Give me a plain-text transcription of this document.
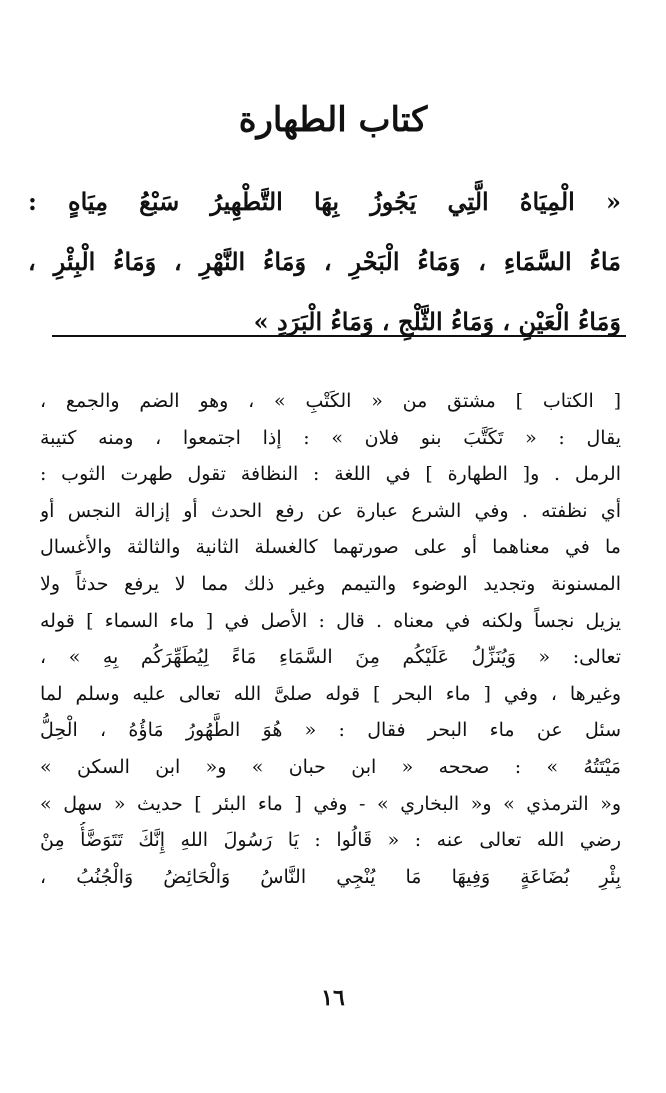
كتاب الطهارة
« الْمِيَاهُ الَّتِي يَجُوزُ بِهَا التَّطْهِيرُ سَبْعُ مِيَاهٍ :
مَاءُ السَّمَاءِ ، وَمَاءُ الْبَحْرِ ، وَمَاءُ النَّهْرِ ، وَمَاءُ الْبِئْرِ ،
وَمَاءُ الْعَيْنِ ، وَمَاءُ الثَّلْجِ ، وَمَاءُ الْبَرَدِ »
[ الكتاب ] مشتق من « الكَتْبِ » ، وهو الضم والجمع ،
يقال : « تَكَتَّبَ بنو فلان » : إذا اجتمعوا ، ومنه كتيبة
الرمل . و[ الطهارة ] في اللغة : النظافة تقول طهرت الثوب :
أي نظفته . وفي الشرع عبارة عن رفع الحدث أو إزالة النجس أو
ما في معناهما أو على صورتهما كالغسلة الثانية والثالثة والأغسال
المسنونة وتجديد الوضوء والتيمم وغير ذلك مما لا يرفع حدثاً ولا
يزيل نجساً ولكنه في معناه . قال : الأصل في [ ماء السماء ] قوله
تعالى: « وَيُنَزِّلُ عَلَيْكُم مِنَ السَّمَاءِ مَاءً لِيُطَهِّرَكُم بِهِ » ،
وغيرها ، وفي [ ماء البحر ] قوله صلىَّ الله تعالى عليه وسلم لما
سئل عن ماء البحر فقال : « هُوَ الطَّهُورُ مَاؤُهُ ، الْحِلُّ
مَيْتَتُهُ » : صححه « ابن حبان » و« ابن السكن »
و« الترمذي » و« البخاري » - وفي [ ماء البئر ] حديث « سهل »
رضي الله تعالى عنه : « قَالُوا : يَا رَسُولَ اللهِ إِنَّكَ تَتَوَضَّأُ مِنْ
بِئْرِ بُضَاعَةٍ وَفِيهَا مَا يُنْجِي النَّاسُ وَالْحَائِضُ وَالْجُنُبُ ،
١٦
